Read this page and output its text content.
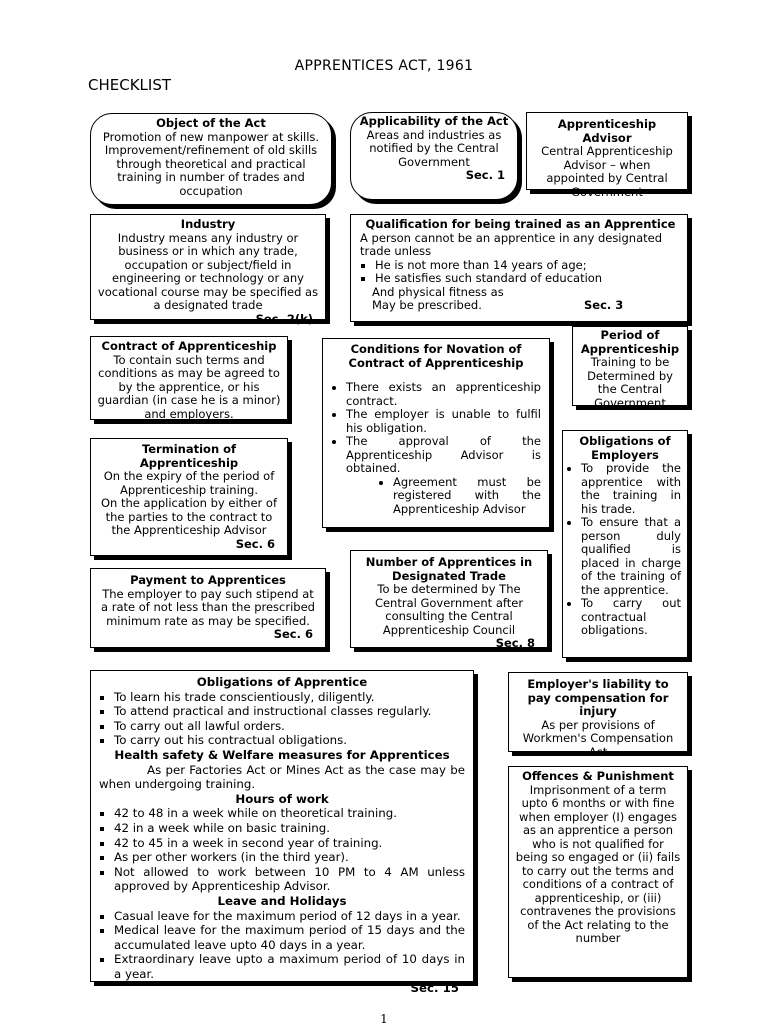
APPRENTICES ACT, 1961
CHECKLIST
Object of the Act
Promotion of new manpower at skills. Improvement/refinement of old skills through theoretical and practical training in number of trades and occupation
Applicability of the Act
Areas and industries as notified by the Central Government
Sec. 1
Apprenticeship Advisor
Central Apprenticeship Advisor – when appointed by Central Government
Industry
Industry means any industry or business or in which any trade, occupation or subject/field in engineering or technology or any vocational course may be specified as a designated trade
Sec. 2(k)
Qualification for being trained as an Apprentice
A person cannot be an apprentice in any designated trade unless
▪ He is not more than 14 years of age;
▪ He satisfies such standard of education
And physical fitness as
May be prescribed.	Sec. 3
Contract of Apprenticeship
To contain such terms and conditions as may be agreed to by the apprentice, or his guardian (in case he is a minor) and employers.
Conditions for Novation of Contract of Apprenticeship
• There exists an apprenticeship contract.
• The employer is unable to fulfil his obligation.
• The approval of the Apprenticeship Advisor is obtained.
• Agreement must be registered with the Apprenticeship Advisor
Period of Apprenticeship
Training to be Determined by the Central Government
Termination of Apprenticeship
On the expiry of the period of Apprenticeship training.
On the application by either of the parties to the contract to the Apprenticeship Advisor
Sec. 6
Obligations of Employers
• To provide the apprentice with the training in his trade.
• To ensure that a person duly qualified is placed in charge of the training of the apprentice.
• To carry out contractual obligations.
Number of Apprentices in Designated Trade
To be determined by The Central Government after consulting the Central Apprenticeship Council
Sec. 8
Payment to Apprentices
The employer to pay such stipend at a rate of not less than the prescribed minimum rate as may be specified.
Sec. 6
Obligations of Apprentice
▪ To learn his trade conscientiously, diligently.
▪ To attend practical and instructional classes regularly.
▪ To carry out all lawful orders.
▪ To carry out his contractual obligations.
Health safety & Welfare measures for Apprentices
As per Factories Act or Mines Act as the case may be when undergoing training.
Hours of work
▪ 42 to 48 in a week while on theoretical training.
▪ 42 in a week while on basic training.
▪ 42 to 45 in a week in second year of training.
▪ As per other workers (in the third year).
▪ Not allowed to work between 10 PM to 4 AM unless approved by Apprenticeship Advisor.
Leave and Holidays
▪ Casual leave for the maximum period of 12 days in a year.
▪ Medical leave for the maximum period of 15 days and the accumulated leave upto 40 days in a year.
▪ Extraordinary leave upto a maximum period of 10 days in a year.
Sec. 15
Employer's liability to pay compensation for injury
As per provisions of Workmen's Compensation Act
Offences & Punishment
Imprisonment of a term upto 6 months or with fine when employer (I) engages as an apprentice a person who is not qualified for being so engaged or (ii) fails to carry out the terms and conditions of a contract of apprenticeship, or (iii) contravenes the provisions of the Act relating to the number
1
